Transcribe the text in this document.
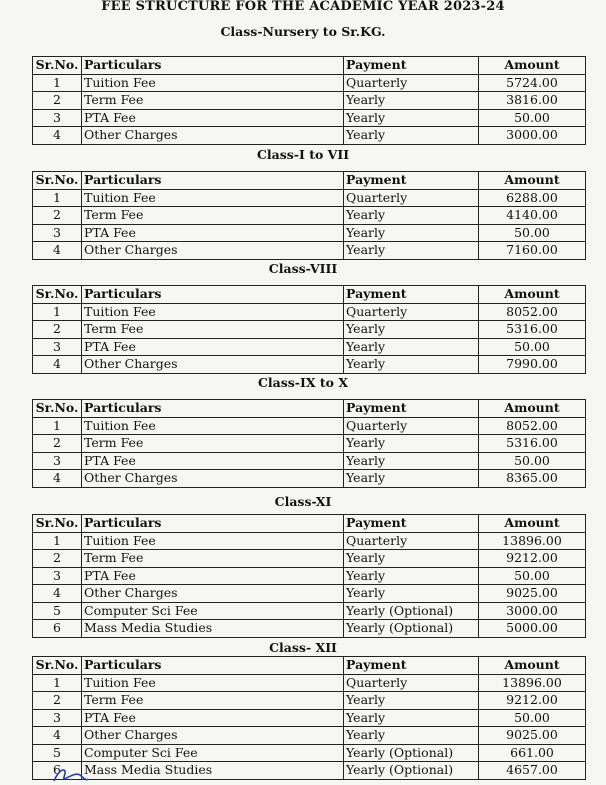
FEE STRUCTURE FOR THE ACADEMIC YEAR 2023-24
Class-Nursery to Sr.KG.
Sr.No.	Particulars	Payment	Amount
1	Tuition Fee	Quarterly	5724.00
2	Term Fee	Yearly	3816.00
3	PTA Fee	Yearly	50.00
4	Other Charges	Yearly	3000.00
Class-I to VII
Sr.No.	Particulars	Payment	Amount
1	Tuition Fee	Quarterly	6288.00
2	Term Fee	Yearly	4140.00
3	PTA Fee	Yearly	50.00
4	Other Charges	Yearly	7160.00
Class-VIII
Sr.No.	Particulars	Payment	Amount
1	Tuition Fee	Quarterly	8052.00
2	Term Fee	Yearly	5316.00
3	PTA Fee	Yearly	50.00
4	Other Charges	Yearly	7990.00
Class-IX to X
Sr.No.	Particulars	Payment	Amount
1	Tuition Fee	Quarterly	8052.00
2	Term Fee	Yearly	5316.00
3	PTA Fee	Yearly	50.00
4	Other Charges	Yearly	8365.00
Class-XI
Sr.No.	Particulars	Payment	Amount
1	Tuition Fee	Quarterly	13896.00
2	Term Fee	Yearly	9212.00
3	PTA Fee	Yearly	50.00
4	Other Charges	Yearly	9025.00
5	Computer Sci Fee	Yearly (Optional)	3000.00
6	Mass Media Studies	Yearly (Optional)	5000.00
Class- XII
Sr.No.	Particulars	Payment	Amount
1	Tuition Fee	Quarterly	13896.00
2	Term Fee	Yearly	9212.00
3	PTA Fee	Yearly	50.00
4	Other Charges	Yearly	9025.00
5	Computer Sci Fee	Yearly (Optional)	661.00
6	Mass Media Studies	Yearly (Optional)	4657.00
